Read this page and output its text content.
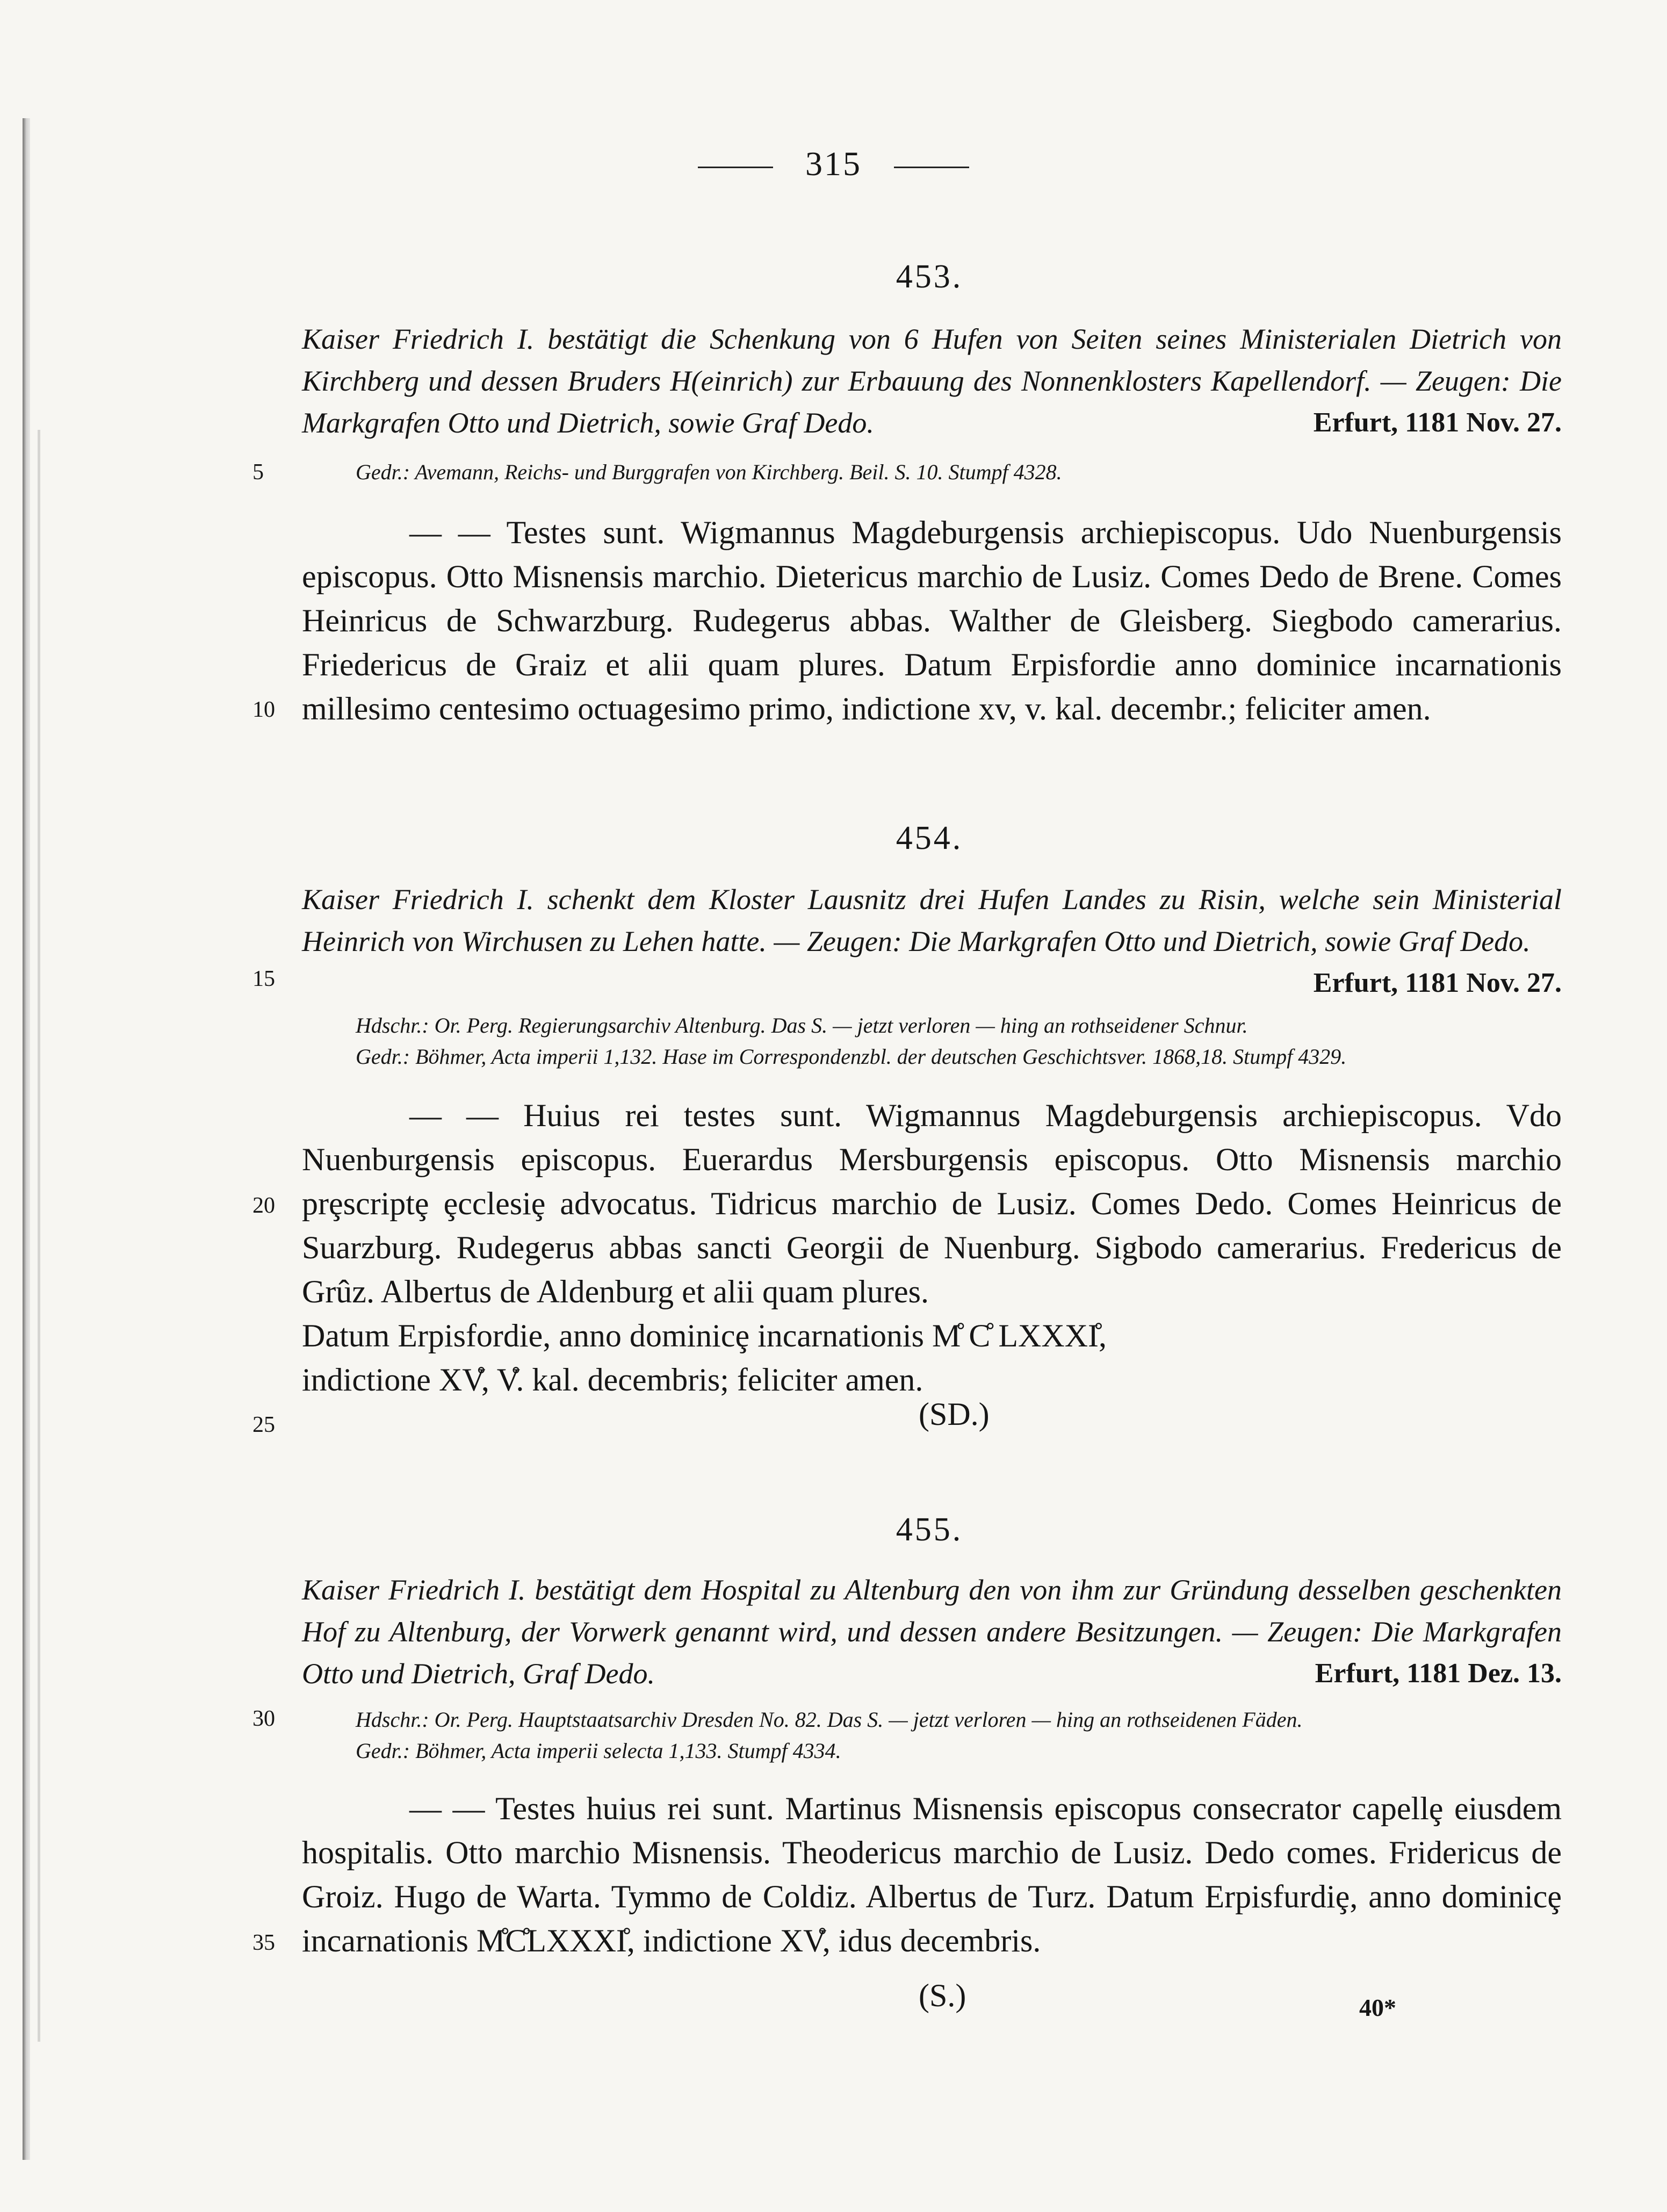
315
453.
Kaiser Friedrich I. bestätigt die Schenkung von 6 Hufen von Seiten seines Ministerialen Dietrich von Kirchberg und dessen Bruders H(einrich) zur Erbauung des Nonnenklosters Kapellendorf. — Zeugen: Die Markgrafen Otto und Dietrich, sowie Graf Dedo.	Erfurt, 1181 Nov. 27.
Gedr.: Avemann, Reichs- und Burggrafen von Kirchberg. Beil. S. 10. Stumpf 4328.

— — Testes sunt. Wigmannus Magdeburgensis archiepiscopus. Udo Nuenburgensis episcopus. Otto Misnensis marchio. Dietericus marchio de Lusiz. Comes Dedo de Brene. Comes Heinricus de Schwarzburg. Rudegerus abbas. Walther de Gleisberg. Siegbodo camerarius. Friedericus de Graiz et alii quam plures. Datum Erpisfordie anno dominice incarnationis millesimo centesimo octuagesimo primo, indictione xv, v. kal. decembr.; feliciter amen.

454.
Kaiser Friedrich I. schenkt dem Kloster Lausnitz drei Hufen Landes zu Risin, welche sein Ministerial Heinrich von Wirchusen zu Lehen hatte. — Zeugen: Die Markgrafen Otto und Dietrich, sowie Graf Dedo.
Erfurt, 1181 Nov. 27.
Hdschr.: Or. Perg. Regierungsarchiv Altenburg. Das S. — jetzt verloren — hing an rothseidener Schnur.
Gedr.: Böhmer, Acta imperii 1,132. Hase im Correspondenzbl. der deutschen Geschichtsver. 1868,18. Stumpf 4329.

— — Huius rei testes sunt. Wigmannus Magdeburgensis archiepiscopus. Vdo Nuenburgensis episcopus. Euerardus Mersburgensis episcopus. Otto Misnensis marchio prȩscriptȩ ȩcclesiȩ advocatus. Tidricus marchio de Lusiz. Comes Dedo. Comes Heinricus de Suarzburg. Rudegerus abbas sancti Georgii de Nuenburg. Sigbodo camerarius. Fredericus de Grûz. Albertus de Aldenburg et alii quam plures.

Datum Erpisfordie, anno dominicȩ incarnationis M̊ C̊ LXXXI̊,

indictione XV̊, V̊. kal. decembris; feliciter amen.

(SD.)
455.
Kaiser Friedrich I. bestätigt dem Hospital zu Altenburg den von ihm zur Gründung desselben geschenkten Hof zu Altenburg, der Vorwerk genannt wird, und dessen andere Besitzungen. — Zeugen: Die Markgrafen Otto und Dietrich, Graf Dedo.	Erfurt, 1181 Dez. 13.
Hdschr.: Or. Perg. Hauptstaatsarchiv Dresden No. 82. Das S. — jetzt verloren — hing an rothseidenen Fäden.
Gedr.: Böhmer, Acta imperii selecta 1,133. Stumpf 4334.

— — Testes huius rei sunt. Martinus Misnensis episcopus consecrator capellȩ eiusdem hospitalis. Otto marchio Misnensis. Theodericus marchio de Lusiz. Dedo comes. Fridericus de Groiz. Hugo de Warta. Tymmo de Coldiz. Albertus de Turz. Datum Erpisfurdiȩ, anno dominicȩ incarnationis M̊C̊LXXXI̊, indictione XV̊, idus decembris.

(S.)
5
10
15
20
25
30
35
40*
